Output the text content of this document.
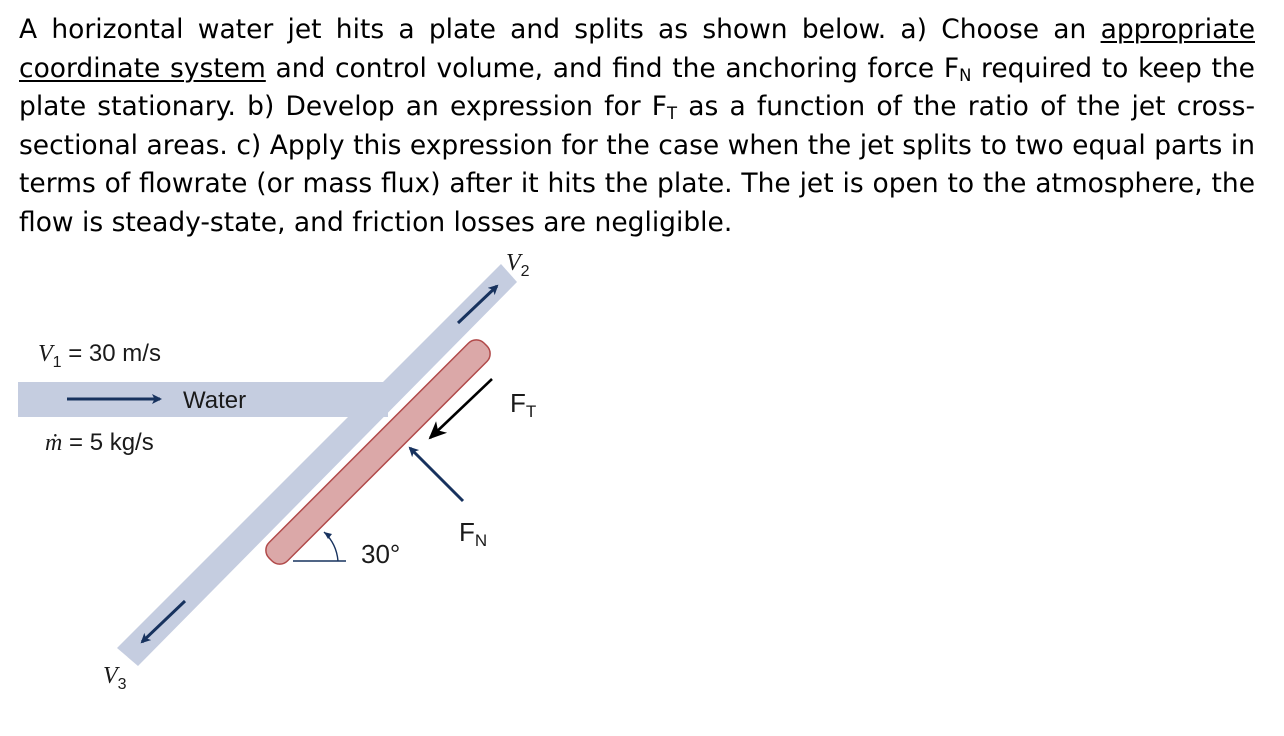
A horizontal water jet hits a plate and splits as shown below. a) Choose an appropriate coordinate system and control volume, and find the anchoring force $F_N$ required to keep the plate stationary. b) Develop an expression for $F_T$ as a function of the ratio of the jet cross-sectional areas. c) Apply this expression for the case when the jet splits to two equal parts in terms of flowrate (or mass flux) after it hits the plate. The jet is open to the atmosphere, the flow is steady-state, and friction losses are negligible.

$V_1 = 30$ m/s
Water
ṁ = 5 kg/s
$V_2$
$V_3$
FT
FN
30°
